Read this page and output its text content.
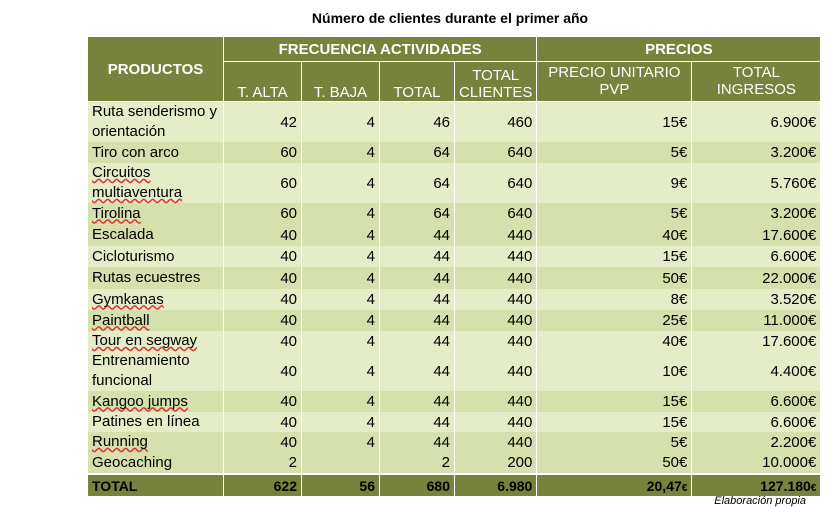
Número de clientes durante el primer año
PRODUCTOS	FRECUENCIA ACTIVIDADES				PRECIOS	
	T. ALTA	T. BAJA	TOTAL	TOTAL CLIENTES	PRECIO UNITARIO PVP	TOTAL INGRESOS
Ruta senderismo y orientación	42	4	46	460	15€	6.900€
Tiro con arco	60	4	64	640	5€	3.200€
Circuitos multiaventura	60	4	64	640	9€	5.760€
Tirolina	60	4	64	640	5€	3.200€
Escalada	40	4	44	440	40€	17.600€
Cicloturismo	40	4	44	440	15€	6.600€
Rutas ecuestres	40	4	44	440	50€	22.000€
Gymkanas	40	4	44	440	8€	3.520€
Paintball	40	4	44	440	25€	11.000€
Tour en segway	40	4	44	440	40€	17.600€
Entrenamiento funcional	40	4	44	440	10€	4.400€
Kangoo jumps	40	4	44	440	15€	6.600€
Patines en línea	40	4	44	440	15€	6.600€
Running	40	4	44	440	5€	2.200€
Geocaching	2		2	200	50€	10.000€
TOTAL	622	56	680	6.980	20,47€	127.180€
Elaboración propia
